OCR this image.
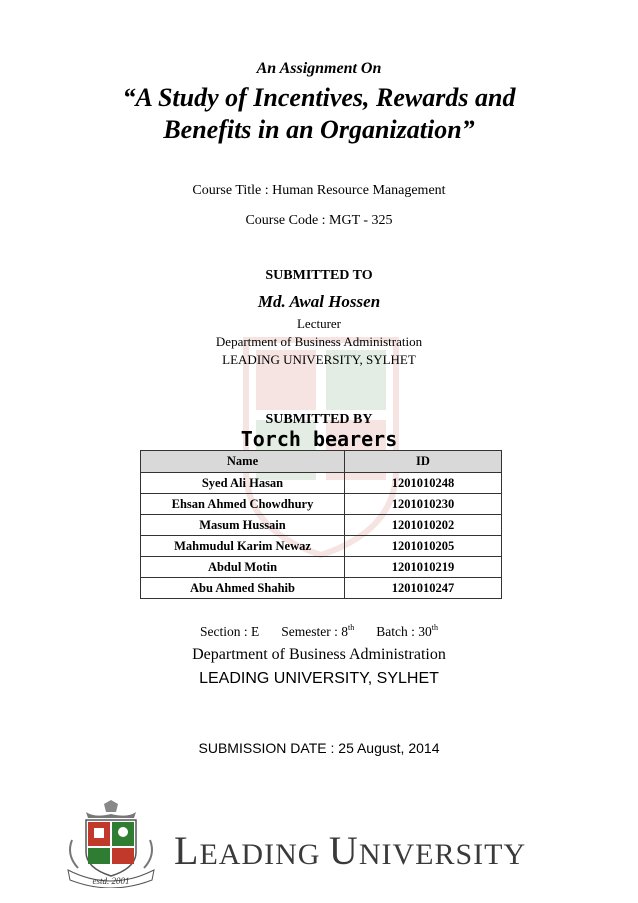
An Assignment On
“A Study of Incentives, Rewards and
Benefits in an Organization”
Course Title : Human Resource Management
Course Code : MGT - 325
SUBMITTED TO
Md. Awal Hossen
Lecturer
Department of Business Administration
LEADING UNIVERSITY, SYLHET
SUBMITTED BY
Torch bearers
Name	ID
Syed Ali Hasan	1201010248
Ehsan Ahmed Chowdhury	1201010230
Masum Hussain	1201010202
Mahmudul Karim Newaz	1201010205
Abdul Motin	1201010219
Abu Ahmed Shahib	1201010247
Section : E Semester : 8th Batch : 30th
Department of Business Administration
LEADING UNIVERSITY, SYLHET
SUBMISSION DATE : 25 August, 2014
estd. 2001
LEADING UNIVERSITY
